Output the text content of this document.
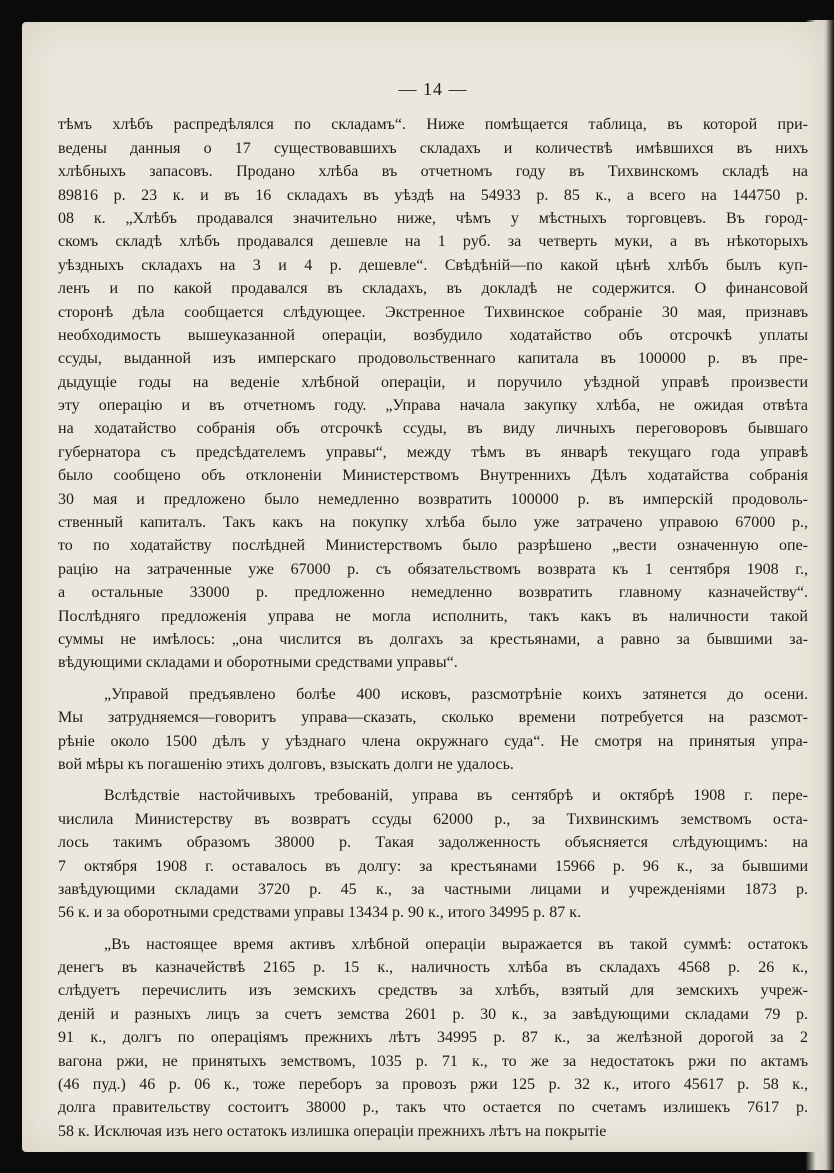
— 14 —
тѣмъ хлѣбъ распредѣлялся по складамъ“. Ниже помѣщается таблица, въ которой при-
ведены данныя о 17 существовавшихъ складахъ и количествѣ имѣвшихся въ нихъ
хлѣбныхъ запасовъ. Продано хлѣба въ отчетномъ году въ Тихвинскомъ складѣ на
89816 р. 23 к. и въ 16 складахъ въ уѣздѣ на 54933 р. 85 к., а всего на 144750 р.
08 к. „Хлѣбъ продавался значительно ниже, чѣмъ у мѣстныхъ торговцевъ. Въ город-
скомъ складѣ хлѣбъ продавался дешевле на 1 руб. за четверть муки, а въ нѣкоторыхъ
уѣздныхъ складахъ на 3 и 4 р. дешевле“. Свѣдѣній—по какой цѣнѣ хлѣбъ былъ куп-
ленъ и по какой продавался въ складахъ, въ докладѣ не содержится. О финансовой
сторонѣ дѣла сообщается слѣдующее. Экстренное Тихвинское собраніе 30 мая, признавъ
необходимость вышеуказанной операціи, возбудило ходатайство объ отсрочкѣ уплаты
ссуды, выданной изъ имперскаго продовольственнаго капитала въ 100000 р. въ пре-
дыдущіе годы на веденіе хлѣбной операціи, и поручило уѣздной управѣ произвести
эту операцію и въ отчетномъ году. „Управа начала закупку хлѣба, не ожидая отвѣта
на ходатайство собранія объ отсрочкѣ ссуды, въ виду личныхъ переговоровъ бывшаго
губернатора съ предсѣдателемъ управы“, между тѣмъ въ январѣ текущаго года управѣ
было сообщено объ отклоненіи Министерствомъ Внутреннихъ Дѣлъ ходатайства собранія
30 мая и предложено было немедленно возвратить 100000 р. въ имперскій продоволь-
ственный капиталъ. Такъ какъ на покупку хлѣба было уже затрачено управою 67000 р.,
то по ходатайству послѣдней Министерствомъ было разрѣшено „вести означенную опе-
рацію на затраченные уже 67000 р. съ обязательствомъ возврата къ 1 сентября 1908 г.,
а остальные 33000 р. предложенно немедленно возвратить главному казначейству“.
Послѣдняго предложенія управа не могла исполнить, такъ какъ въ наличности такой
суммы не имѣлось: „она числится въ долгахъ за крестьянами, а равно за бывшими за-
вѣдующими складами и оборотными средствами управы“.
„Управой предъявлено болѣе 400 исковъ, разсмотрѣніе коихъ затянется до осени.
Мы затрудняемся—говоритъ управа—сказать, сколько времени потребуется на разсмот-
рѣніе около 1500 дѣлъ у уѣзднаго члена окружнаго суда“. Не смотря на принятыя упра-
вой мѣры къ погашенію этихъ долговъ, взыскать долги не удалось.
Вслѣдствіе настойчивыхъ требованій, управа въ сентябрѣ и октябрѣ 1908 г. пере-
числила Министерству въ возвратъ ссуды 62000 р., за Тихвинскимъ земствомъ оста-
лось такимъ образомъ 38000 р. Такая задолженность объясняется слѣдующимъ: на
7 октября 1908 г. оставалось въ долгу: за крестьянами 15966 р. 96 к., за бывшими
завѣдующими складами 3720 р. 45 к., за частными лицами и учрежденіями 1873 р.
56 к. и за оборотными средствами управы 13434 р. 90 к., итого 34995 р. 87 к.
„Въ настоящее время активъ хлѣбной операціи выражается въ такой суммѣ: остатокъ
денегъ въ казначействѣ 2165 р. 15 к., наличность хлѣба въ складахъ 4568 р. 26 к.,
слѣдуетъ перечислить изъ земскихъ средствъ за хлѣбъ, взятый для земскихъ учреж-
деній и разныхъ лицъ за счетъ земства 2601 р. 30 к., за завѣдующими складами 79 р.
91 к., долгъ по операціямъ прежнихъ лѣтъ 34995 р. 87 к., за желѣзной дорогой за 2
вагона ржи, не принятыхъ земствомъ, 1035 р. 71 к., то же за недостатокъ ржи по актамъ
(46 пуд.) 46 р. 06 к., тоже переборъ за провозъ ржи 125 р. 32 к., итого 45617 р. 58 к.,
долга правительству состоитъ 38000 р., такъ что остается по счетамъ излишекъ 7617 р.
58 к. Исключая изъ него остатокъ излишка операціи прежнихъ лѣтъ на покрытіе
